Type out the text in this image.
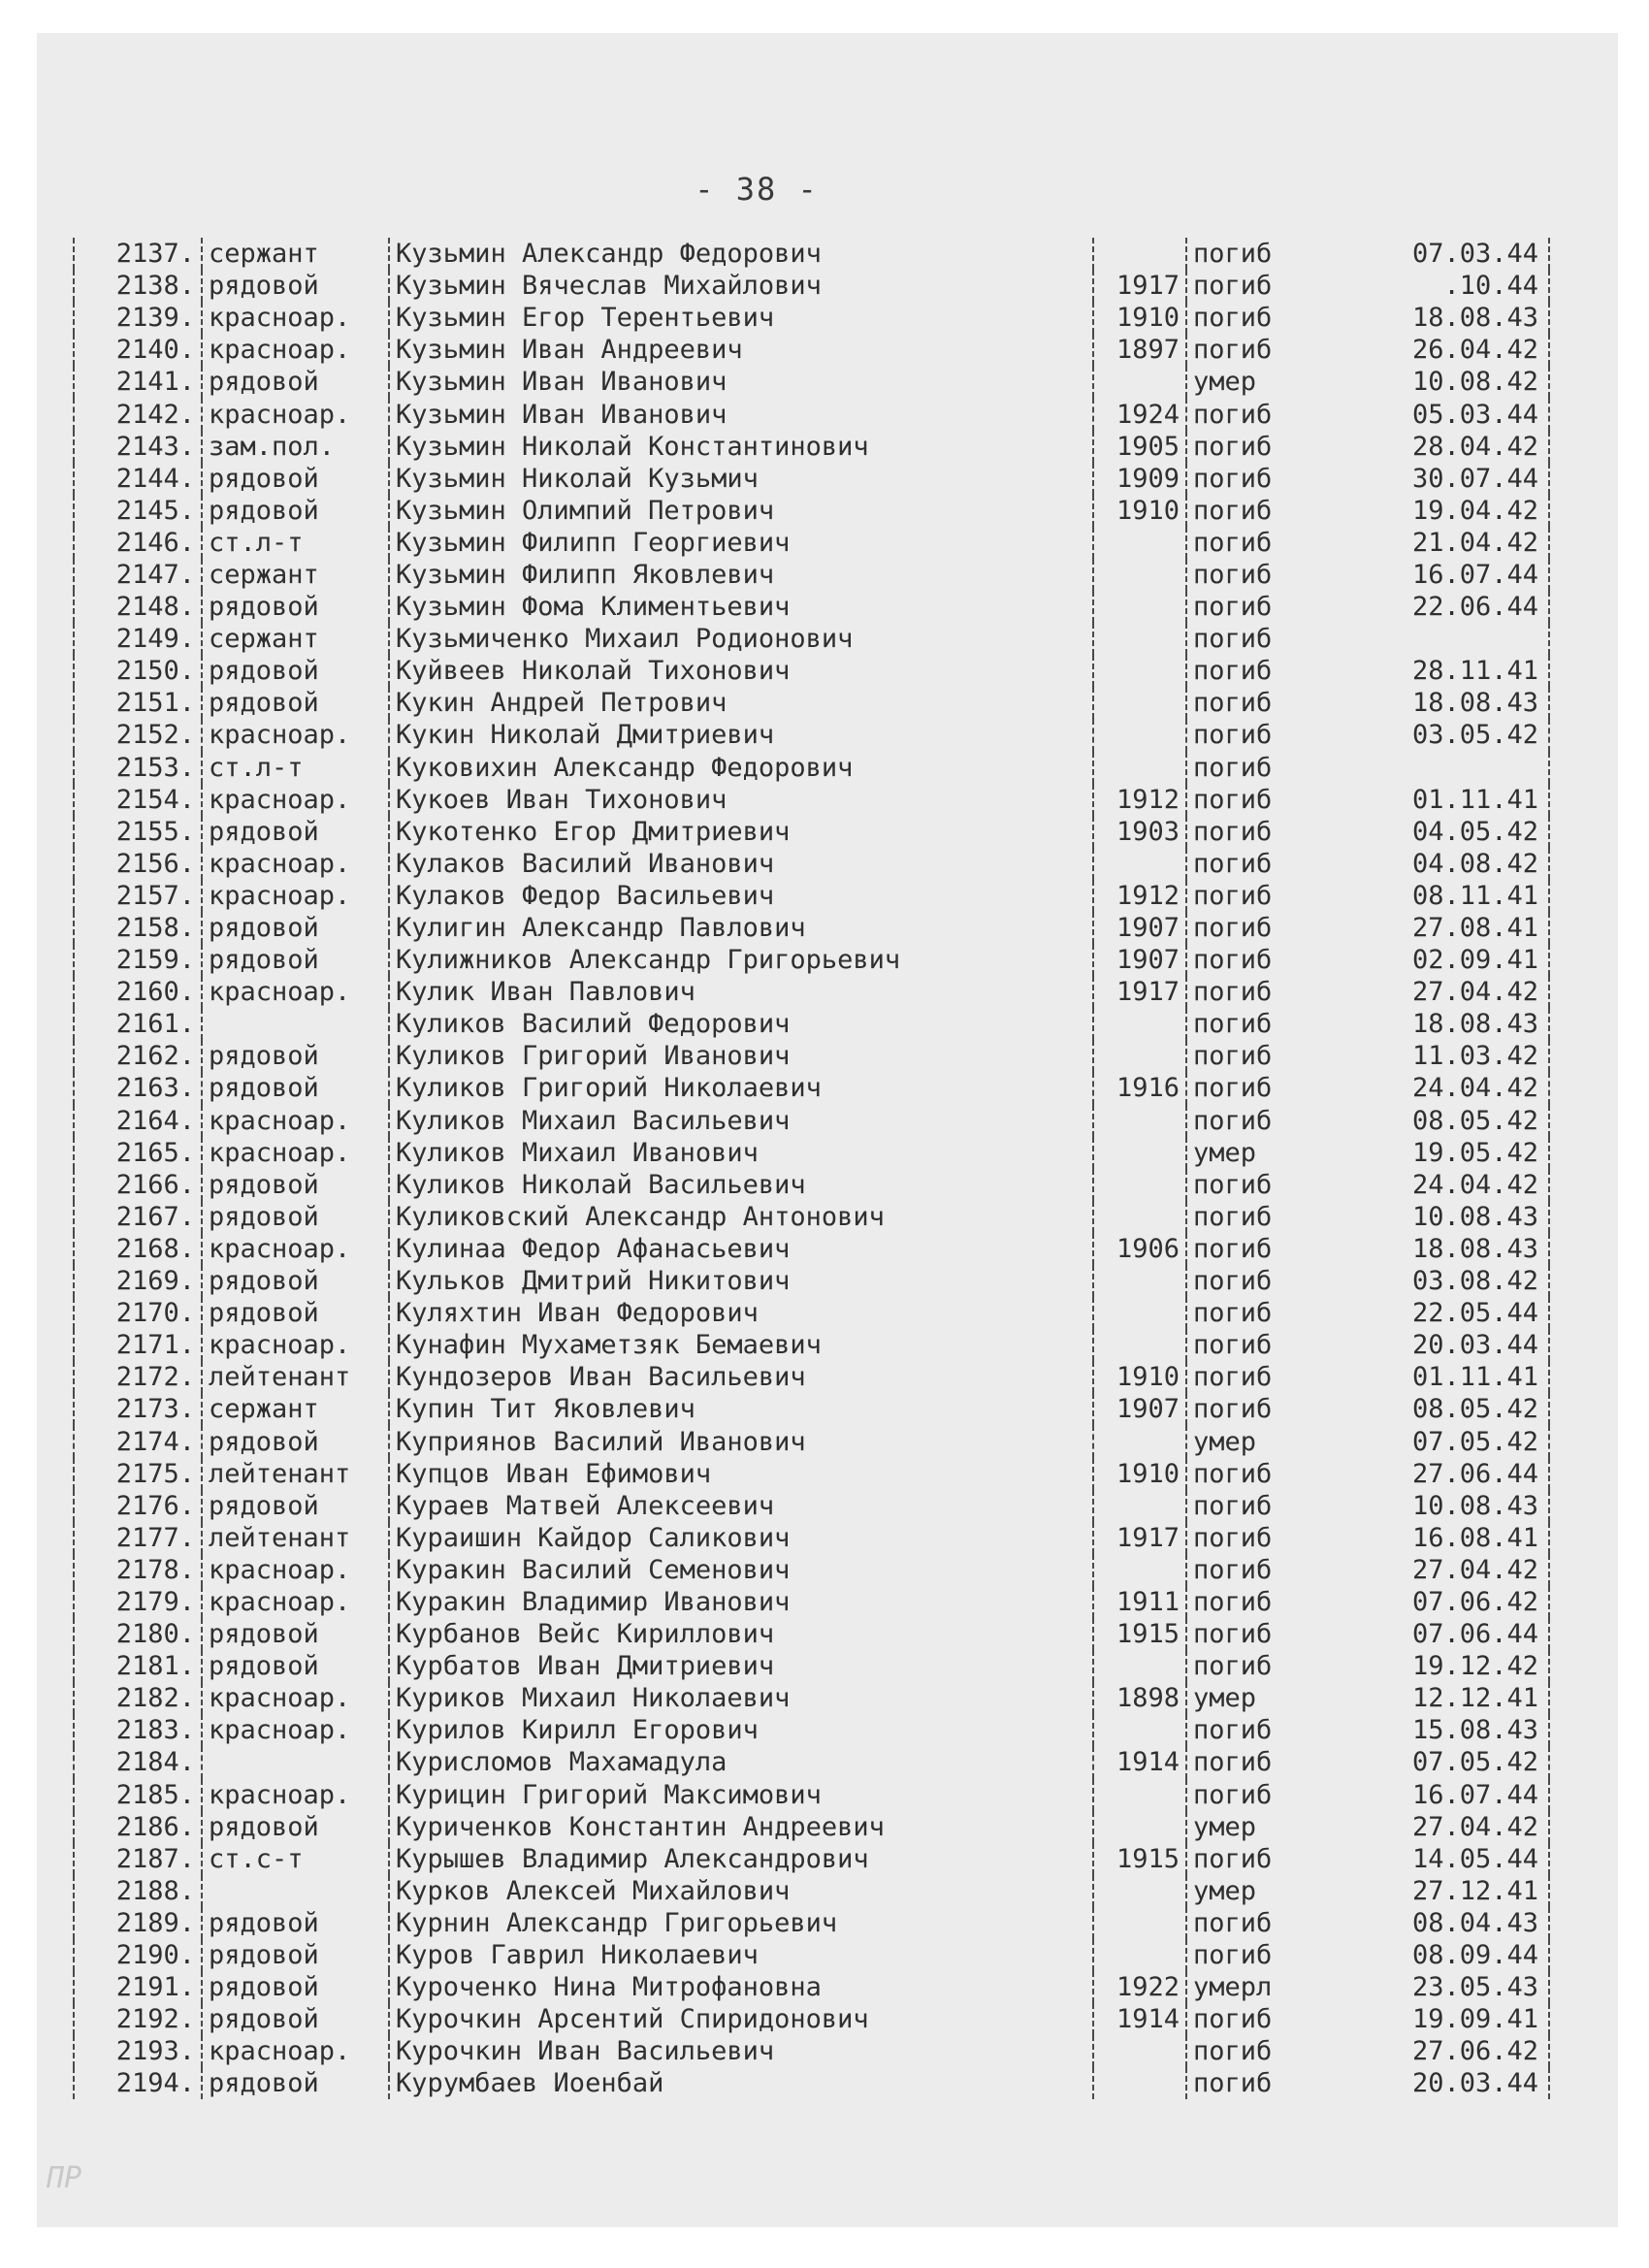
- 38 -
2137.	сержант	Кузьмин Александр Федорович		погиб	07.03.44
2138.	рядовой	Кузьмин Вячеслав Михайлович	1917	погиб	.10.44
2139.	красноар.	Кузьмин Егор Терентьевич	1910	погиб	18.08.43
2140.	красноар.	Кузьмин Иван Андреевич	1897	погиб	26.04.42
2141.	рядовой	Кузьмин Иван Иванович		умер	10.08.42
2142.	красноар.	Кузьмин Иван Иванович	1924	погиб	05.03.44
2143.	зам.пол.	Кузьмин Николай Константинович	1905	погиб	28.04.42
2144.	рядовой	Кузьмин Николай Кузьмич	1909	погиб	30.07.44
2145.	рядовой	Кузьмин Олимпий Петрович	1910	погиб	19.04.42
2146.	ст.л-т	Кузьмин Филипп Георгиевич		погиб	21.04.42
2147.	сержант	Кузьмин Филипп Яковлевич		погиб	16.07.44
2148.	рядовой	Кузьмин Фома Климентьевич		погиб	22.06.44
2149.	сержант	Кузьмиченко Михаил Родионович		погиб	
2150.	рядовой	Куйвеев Николай Тихонович		погиб	28.11.41
2151.	рядовой	Кукин Андрей Петрович		погиб	18.08.43
2152.	красноар.	Кукин Николай Дмитриевич		погиб	03.05.42
2153.	ст.л-т	Куковихин Александр Федорович		погиб	
2154.	красноар.	Кукоев Иван Тихонович	1912	погиб	01.11.41
2155.	рядовой	Кукотенко Егор Дмитриевич	1903	погиб	04.05.42
2156.	красноар.	Кулаков Василий Иванович		погиб	04.08.42
2157.	красноар.	Кулаков Федор Васильевич	1912	погиб	08.11.41
2158.	рядовой	Кулигин Александр Павлович	1907	погиб	27.08.41
2159.	рядовой	Кулижников Александр Григорьевич	1907	погиб	02.09.41
2160.	красноар.	Кулик Иван Павлович	1917	погиб	27.04.42
2161.		Куликов Василий Федорович		погиб	18.08.43
2162.	рядовой	Куликов Григорий Иванович		погиб	11.03.42
2163.	рядовой	Куликов Григорий Николаевич	1916	погиб	24.04.42
2164.	красноар.	Куликов Михаил Васильевич		погиб	08.05.42
2165.	красноар.	Куликов Михаил Иванович		умер	19.05.42
2166.	рядовой	Куликов Николай Васильевич		погиб	24.04.42
2167.	рядовой	Куликовский Александр Антонович		погиб	10.08.43
2168.	красноар.	Кулинаа Федор Афанасьевич	1906	погиб	18.08.43
2169.	рядовой	Кульков Дмитрий Никитович		погиб	03.08.42
2170.	рядовой	Куляхтин Иван Федорович		погиб	22.05.44
2171.	красноар.	Кунафин Мухаметзяк Бемаевич		погиб	20.03.44
2172.	лейтенант	Кундозеров Иван Васильевич	1910	погиб	01.11.41
2173.	сержант	Купин Тит Яковлевич	1907	погиб	08.05.42
2174.	рядовой	Куприянов Василий Иванович		умер	07.05.42
2175.	лейтенант	Купцов Иван Ефимович	1910	погиб	27.06.44
2176.	рядовой	Кураев Матвей Алексеевич		погиб	10.08.43
2177.	лейтенант	Кураишин Кайдор Саликович	1917	погиб	16.08.41
2178.	красноар.	Куракин Василий Семенович		погиб	27.04.42
2179.	красноар.	Куракин Владимир Иванович	1911	погиб	07.06.42
2180.	рядовой	Курбанов Вейс Кириллович	1915	погиб	07.06.44
2181.	рядовой	Курбатов Иван Дмитриевич		погиб	19.12.42
2182.	красноар.	Куриков Михаил Николаевич	1898	умер	12.12.41
2183.	красноар.	Курилов Кирилл Егорович		погиб	15.08.43
2184.		Курисломов Махамадула	1914	погиб	07.05.42
2185.	красноар.	Курицин Григорий Максимович		погиб	16.07.44
2186.	рядовой	Куриченков Константин Андреевич		умер	27.04.42
2187.	ст.с-т	Курышев Владимир Александрович	1915	погиб	14.05.44
2188.		Курков Алексей Михайлович		умер	27.12.41
2189.	рядовой	Курнин Александр Григорьевич		погиб	08.04.43
2190.	рядовой	Куров Гаврил Николаевич		погиб	08.09.44
2191.	рядовой	Куроченко Нина Митрофановна	1922	умерл	23.05.43
2192.	рядовой	Курочкин Арсентий Спиридонович	1914	погиб	19.09.41
2193.	красноар.	Курочкин Иван Васильевич		погиб	27.06.42
2194.	рядовой	Курумбаев Иоенбай		погиб	20.03.44
ПР
